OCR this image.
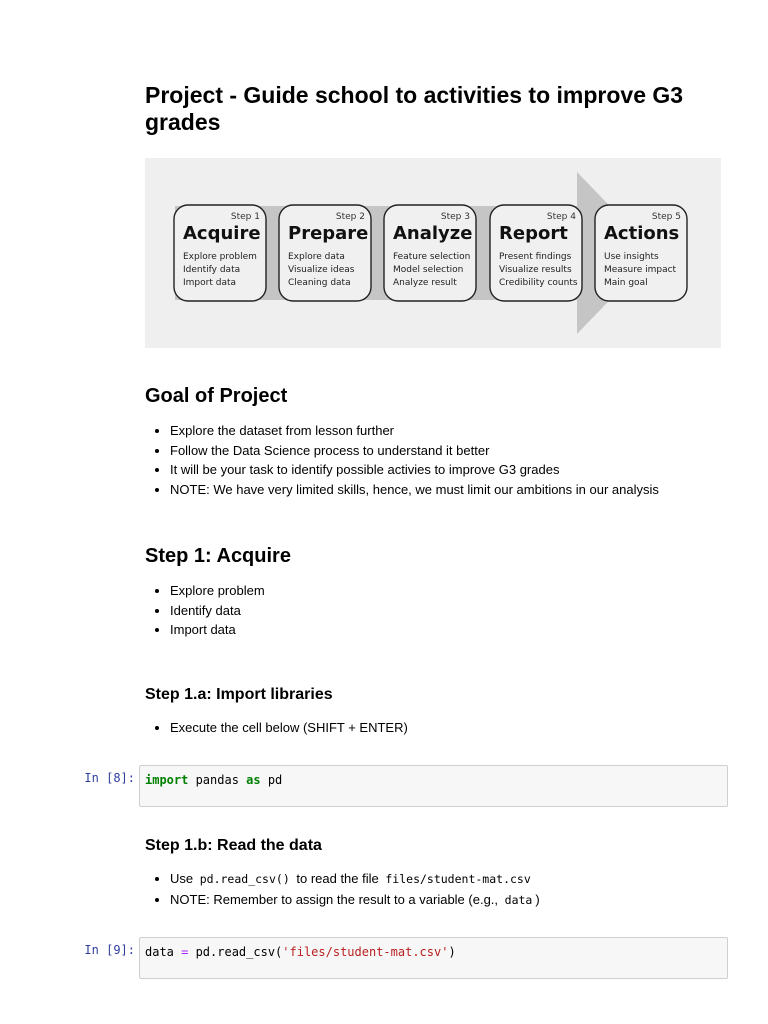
Project - Guide school to activities to improve G3 grades
Step 1
Acquire
Explore problem
Identify data
Import data
Step 2
Prepare
Explore data
Visualize ideas
Cleaning data
Step 3
Analyze
Feature selection
Model selection
Analyze result
Step 4
Report
Present findings
Visualize results
Credibility counts
Step 5
Actions
Use insights
Measure impact
Main goal
Goal of Project
• Explore the dataset from lesson further
• Follow the Data Science process to understand it better
• It will be your task to identify possible activies to improve G3 grades
• NOTE: We have very limited skills, hence, we must limit our ambitions in our analysis
Step 1: Acquire
• Explore problem
• Identify data
• Import data
Step 1.a: Import libraries
• Execute the cell below (SHIFT + ENTER)
In [8]: import pandas as pd
Step 1.b: Read the data
• Use pd.read_csv() to read the file files/student-mat.csv
• NOTE: Remember to assign the result to a variable (e.g., data )
In [9]: data = pd.read_csv('files/student-mat.csv')
